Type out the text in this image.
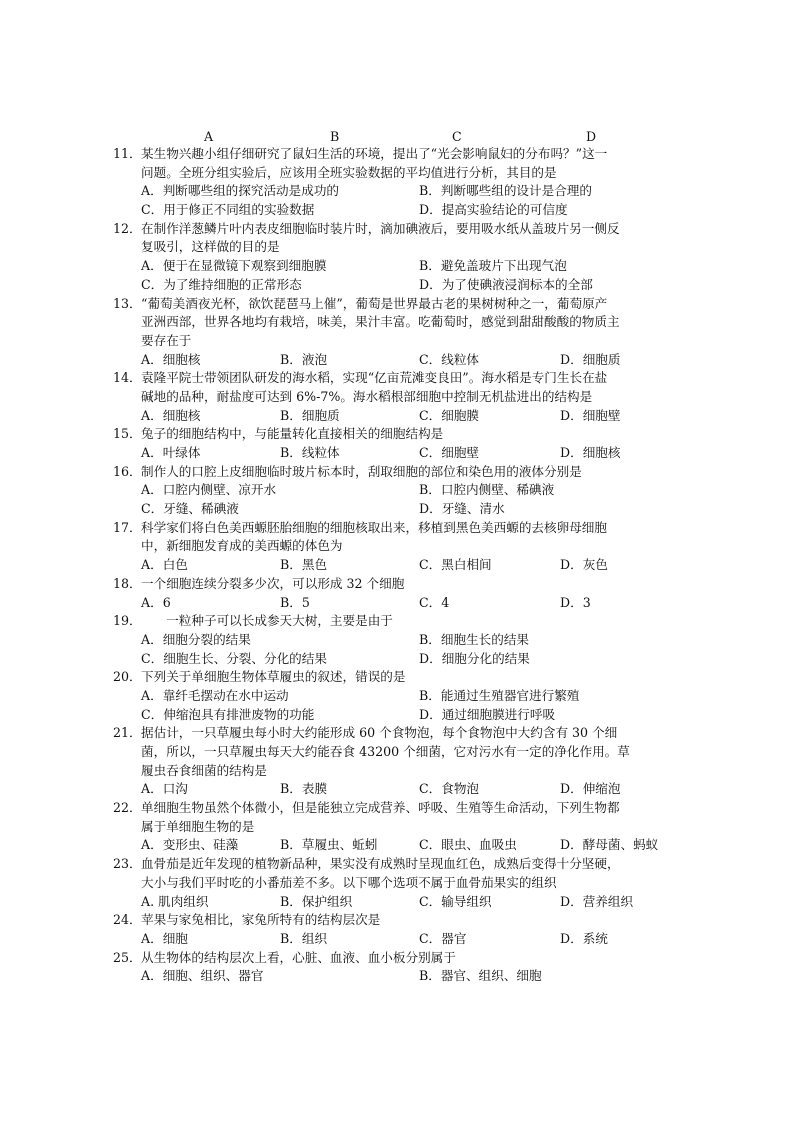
A	B	C	D
11．某生物兴趣小组仔细研究了鼠妇生活的环境，提出了“光会影响鼠妇的分布吗？”这一
问题。全班分组实验后，应该用全班实验数据的平均值进行分析，其目的是
A．判断哪些组的探究活动是成功的	B．判断哪些组的设计是合理的
C．用于修正不同组的实验数据	D．提高实验结论的可信度
12．在制作洋葱鳞片叶内表皮细胞临时装片时，滴加碘液后，要用吸水纸从盖玻片另一侧反
复吸引，这样做的目的是
A．便于在显微镜下观察到细胞膜	B．避免盖玻片下出现气泡
C．为了维持细胞的正常形态	D．为了使碘液浸润标本的全部
13．“葡萄美酒夜光杯，欲饮琵琶马上催”，葡萄是世界最古老的果树树种之一，葡萄原产
亚洲西部，世界各地均有栽培，味美，果汁丰富。吃葡萄时，感觉到甜甜酸酸的物质主
要存在于
A．细胞核	B．液泡	C．线粒体	D．细胞质
14．袁隆平院士带领团队研发的海水稻，实现“亿亩荒滩变良田”。海水稻是专门生长在盐
碱地的品种，耐盐度可达到 6%-7%。海水稻根部细胞中控制无机盐进出的结构是
A．细胞核	B．细胞质	C．细胞膜	D．细胞壁
15．兔子的细胞结构中，与能量转化直接相关的细胞结构是
A．叶绿体	B．线粒体	C．细胞壁	D．细胞核
16．制作人的口腔上皮细胞临时玻片标本时，刮取细胞的部位和染色用的液体分别是
A．口腔内侧壁、凉开水	B．口腔内侧壁、稀碘液
C．牙缝、稀碘液	D．牙缝、清水
17．科学家们将白色美西螈胚胎细胞的细胞核取出来，移植到黑色美西螈的去核卵母细胞
中，新细胞发育成的美西螈的体色为
A．白色	B．黑色	C．黑白相间	D．灰色
18．一个细胞连续分裂多少次，可以形成 32 个细胞
A．6	B．5	C．4	D．3
19．　　一粒种子可以长成参天大树，主要是由于
A．细胞分裂的结果	B．细胞生长的结果
C．细胞生长、分裂、分化的结果	D．细胞分化的结果
20．下列关于单细胞生物体草履虫的叙述，错误的是
A．靠纤毛摆动在水中运动	B．能通过生殖器官进行繁殖
C．伸缩泡具有排泄废物的功能	D．通过细胞膜进行呼吸
21．据估计，一只草履虫每小时大约能形成 60 个食物泡，每个食物泡中大约含有 30 个细
菌，所以，一只草履虫每天大约能吞食 43200 个细菌，它对污水有一定的净化作用。草
履虫吞食细菌的结构是
A．口沟	B．表膜	C．食物泡	D．伸缩泡
22．单细胞生物虽然个体微小，但是能独立完成营养、呼吸、生殖等生命活动，下列生物都
属于单细胞生物的是
A．变形虫、硅藻	B．草履虫、蚯蚓	C．眼虫、血吸虫	D．酵母菌、蚂蚁
23．血骨茄是近年发现的植物新品种，果实没有成熟时呈现血红色，成熟后变得十分坚硬，
大小与我们平时吃的小番茄差不多。以下哪个选项不属于血骨茄果实的组织
A. 肌肉组织	B．保护组织	C．输导组织	D．营养组织
24．苹果与家兔相比，家兔所特有的结构层次是
A．细胞	B．组织	C．器官	D．系统
25．从生物体的结构层次上看，心脏、血液、血小板分别属于
A．细胞、组织、器官	B．器官、组织、细胞
